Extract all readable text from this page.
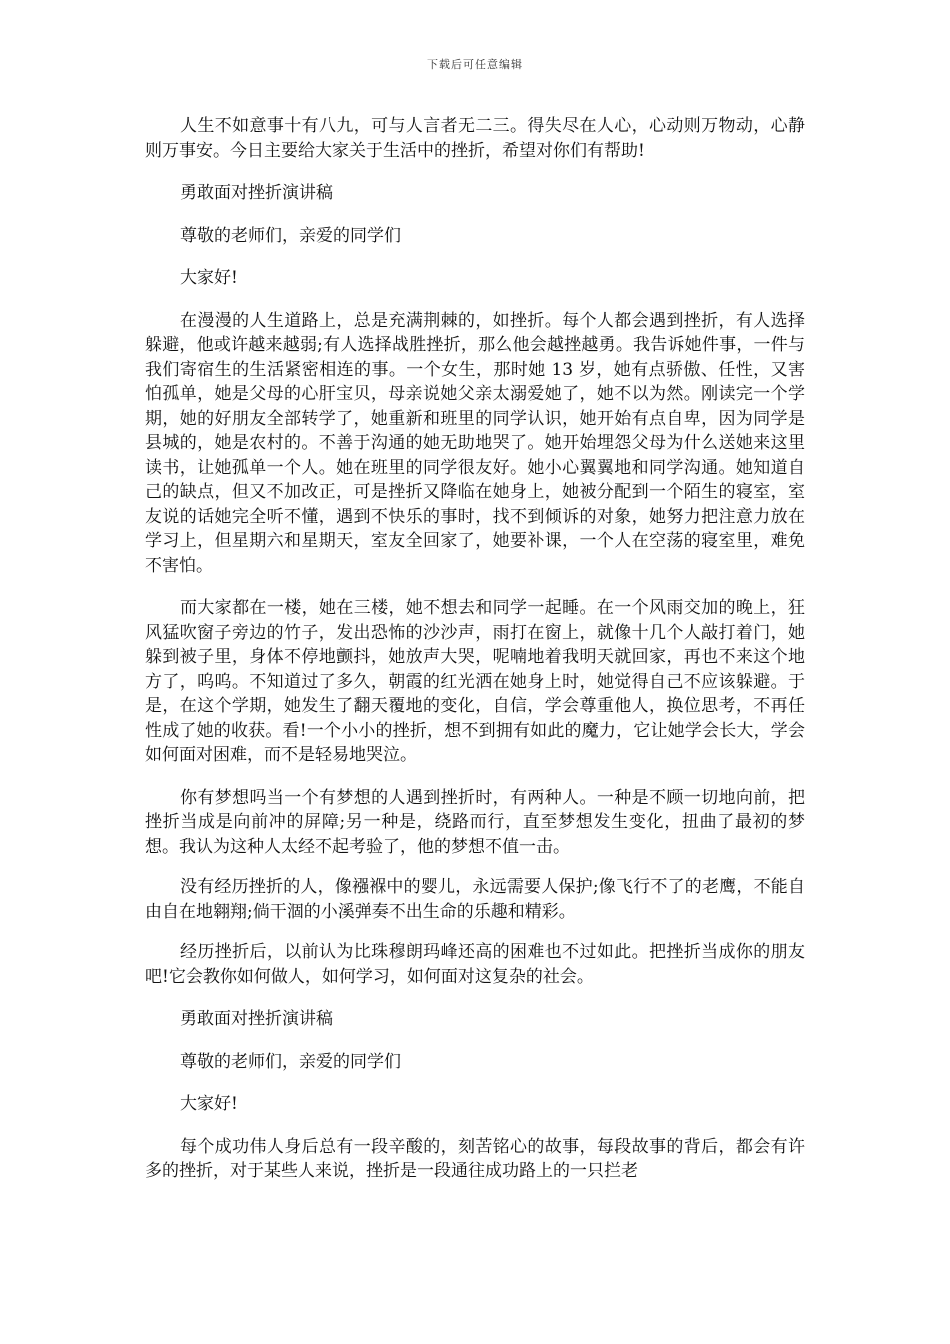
下载后可任意编辑

人生不如意事十有八九，可与人言者无二三。得失尽在人心，心动则万物动，心静则万事安。今日主要给大家关于生活中的挫折，希望对你们有帮助!

勇敢面对挫折演讲稿

尊敬的老师们，亲爱的同学们

大家好!

在漫漫的人生道路上，总是充满荆棘的，如挫折。每个人都会遇到挫折，有人选择躲避，他或许越来越弱;有人选择战胜挫折，那么他会越挫越勇。我告诉她件事，一件与我们寄宿生的生活紧密相连的事。一个女生，那时她 13 岁，她有点骄傲、任性，又害怕孤单，她是父母的心肝宝贝，母亲说她父亲太溺爱她了，她不以为然。刚读完一个学期，她的好朋友全部转学了，她重新和班里的同学认识，她开始有点自卑，因为同学是县城的，她是农村的。不善于沟通的她无助地哭了。她开始埋怨父母为什么送她来这里读书，让她孤单一个人。她在班里的同学很友好。她小心翼翼地和同学沟通。她知道自己的缺点，但又不加改正，可是挫折又降临在她身上，她被分配到一个陌生的寝室，室友说的话她完全听不懂，遇到不快乐的事时，找不到倾诉的对象，她努力把注意力放在学习上，但星期六和星期天，室友全回家了，她要补课，一个人在空荡的寝室里，难免不害怕。

而大家都在一楼，她在三楼，她不想去和同学一起睡。在一个风雨交加的晚上，狂风猛吹窗子旁边的竹子，发出恐怖的沙沙声，雨打在窗上，就像十几个人敲打着门，她躲到被子里，身体不停地颤抖，她放声大哭，呢喃地着我明天就回家，再也不来这个地方了，呜呜。不知道过了多久，朝霞的红光洒在她身上时，她觉得自己不应该躲避。于是，在这个学期，她发生了翻天覆地的变化，自信，学会尊重他人，换位思考，不再任性成了她的收获。看!一个小小的挫折，想不到拥有如此的魔力，它让她学会长大，学会如何面对困难，而不是轻易地哭泣。

你有梦想吗当一个有梦想的人遇到挫折时，有两种人。一种是不顾一切地向前，把挫折当成是向前冲的屏障;另一种是，绕路而行，直至梦想发生变化，扭曲了最初的梦想。我认为这种人太经不起考验了，他的梦想不值一击。

没有经历挫折的人，像襁褓中的婴儿，永远需要人保护;像飞行不了的老鹰，不能自由自在地翱翔;倘干涸的小溪弹奏不出生命的乐趣和精彩。

经历挫折后，以前认为比珠穆朗玛峰还高的困难也不过如此。把挫折当成你的朋友吧!它会教你如何做人，如何学习，如何面对这复杂的社会。

勇敢面对挫折演讲稿

尊敬的老师们，亲爱的同学们

大家好!

每个成功伟人身后总有一段辛酸的，刻苦铭心的故事，每段故事的背后，都会有许多的挫折，对于某些人来说，挫折是一段通往成功路上的一只拦老
